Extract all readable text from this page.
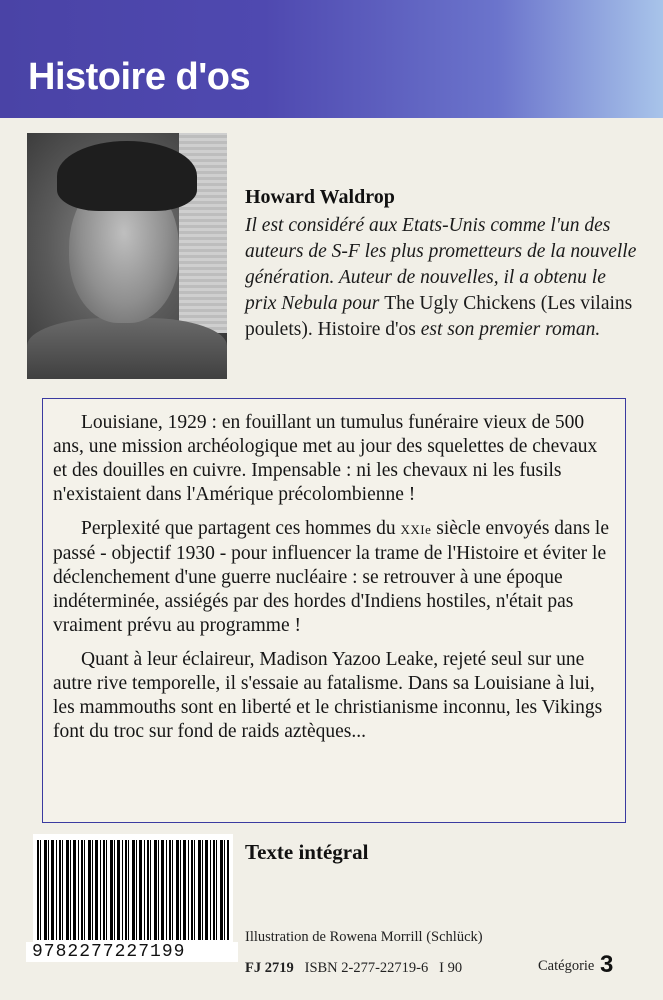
Histoire d'os
Howard Waldrop
Il est considéré aux Etats-Unis comme l'un des auteurs de S-F les plus prometteurs de la nouvelle génération. Auteur de nouvelles, il a obtenu le prix Nebula pour The Ugly Chickens (Les vilains poulets). Histoire d'os est son premier roman.

Louisiane, 1929 : en fouillant un tumulus funéraire vieux de 500 ans, une mission archéologique met au jour des squelettes de chevaux et des douilles en cuivre. Impensable : ni les chevaux ni les fusils n'existaient dans l'Amérique précolombienne !

Perplexité que partagent ces hommes du XXIe siècle envoyés dans le passé - objectif 1930 - pour influencer la trame de l'Histoire et éviter le déclenchement d'une guerre nucléaire : se retrouver à une époque indéterminée, assiégés par des hordes d'Indiens hostiles, n'était pas vraiment prévu au programme !

Quant à leur éclaireur, Madison Yazoo Leake, rejeté seul sur une autre rive temporelle, il s'essaie au fatalisme. Dans sa Louisiane à lui, les mammouths sont en liberté et le christianisme inconnu, les Vikings font du troc sur fond de raids aztèques...

9782277227199
Texte intégral
Illustration de Rowena Morrill (Schlück)
FJ 2719 ISBN 2-277-22719-6 I 90	Catégorie 3
